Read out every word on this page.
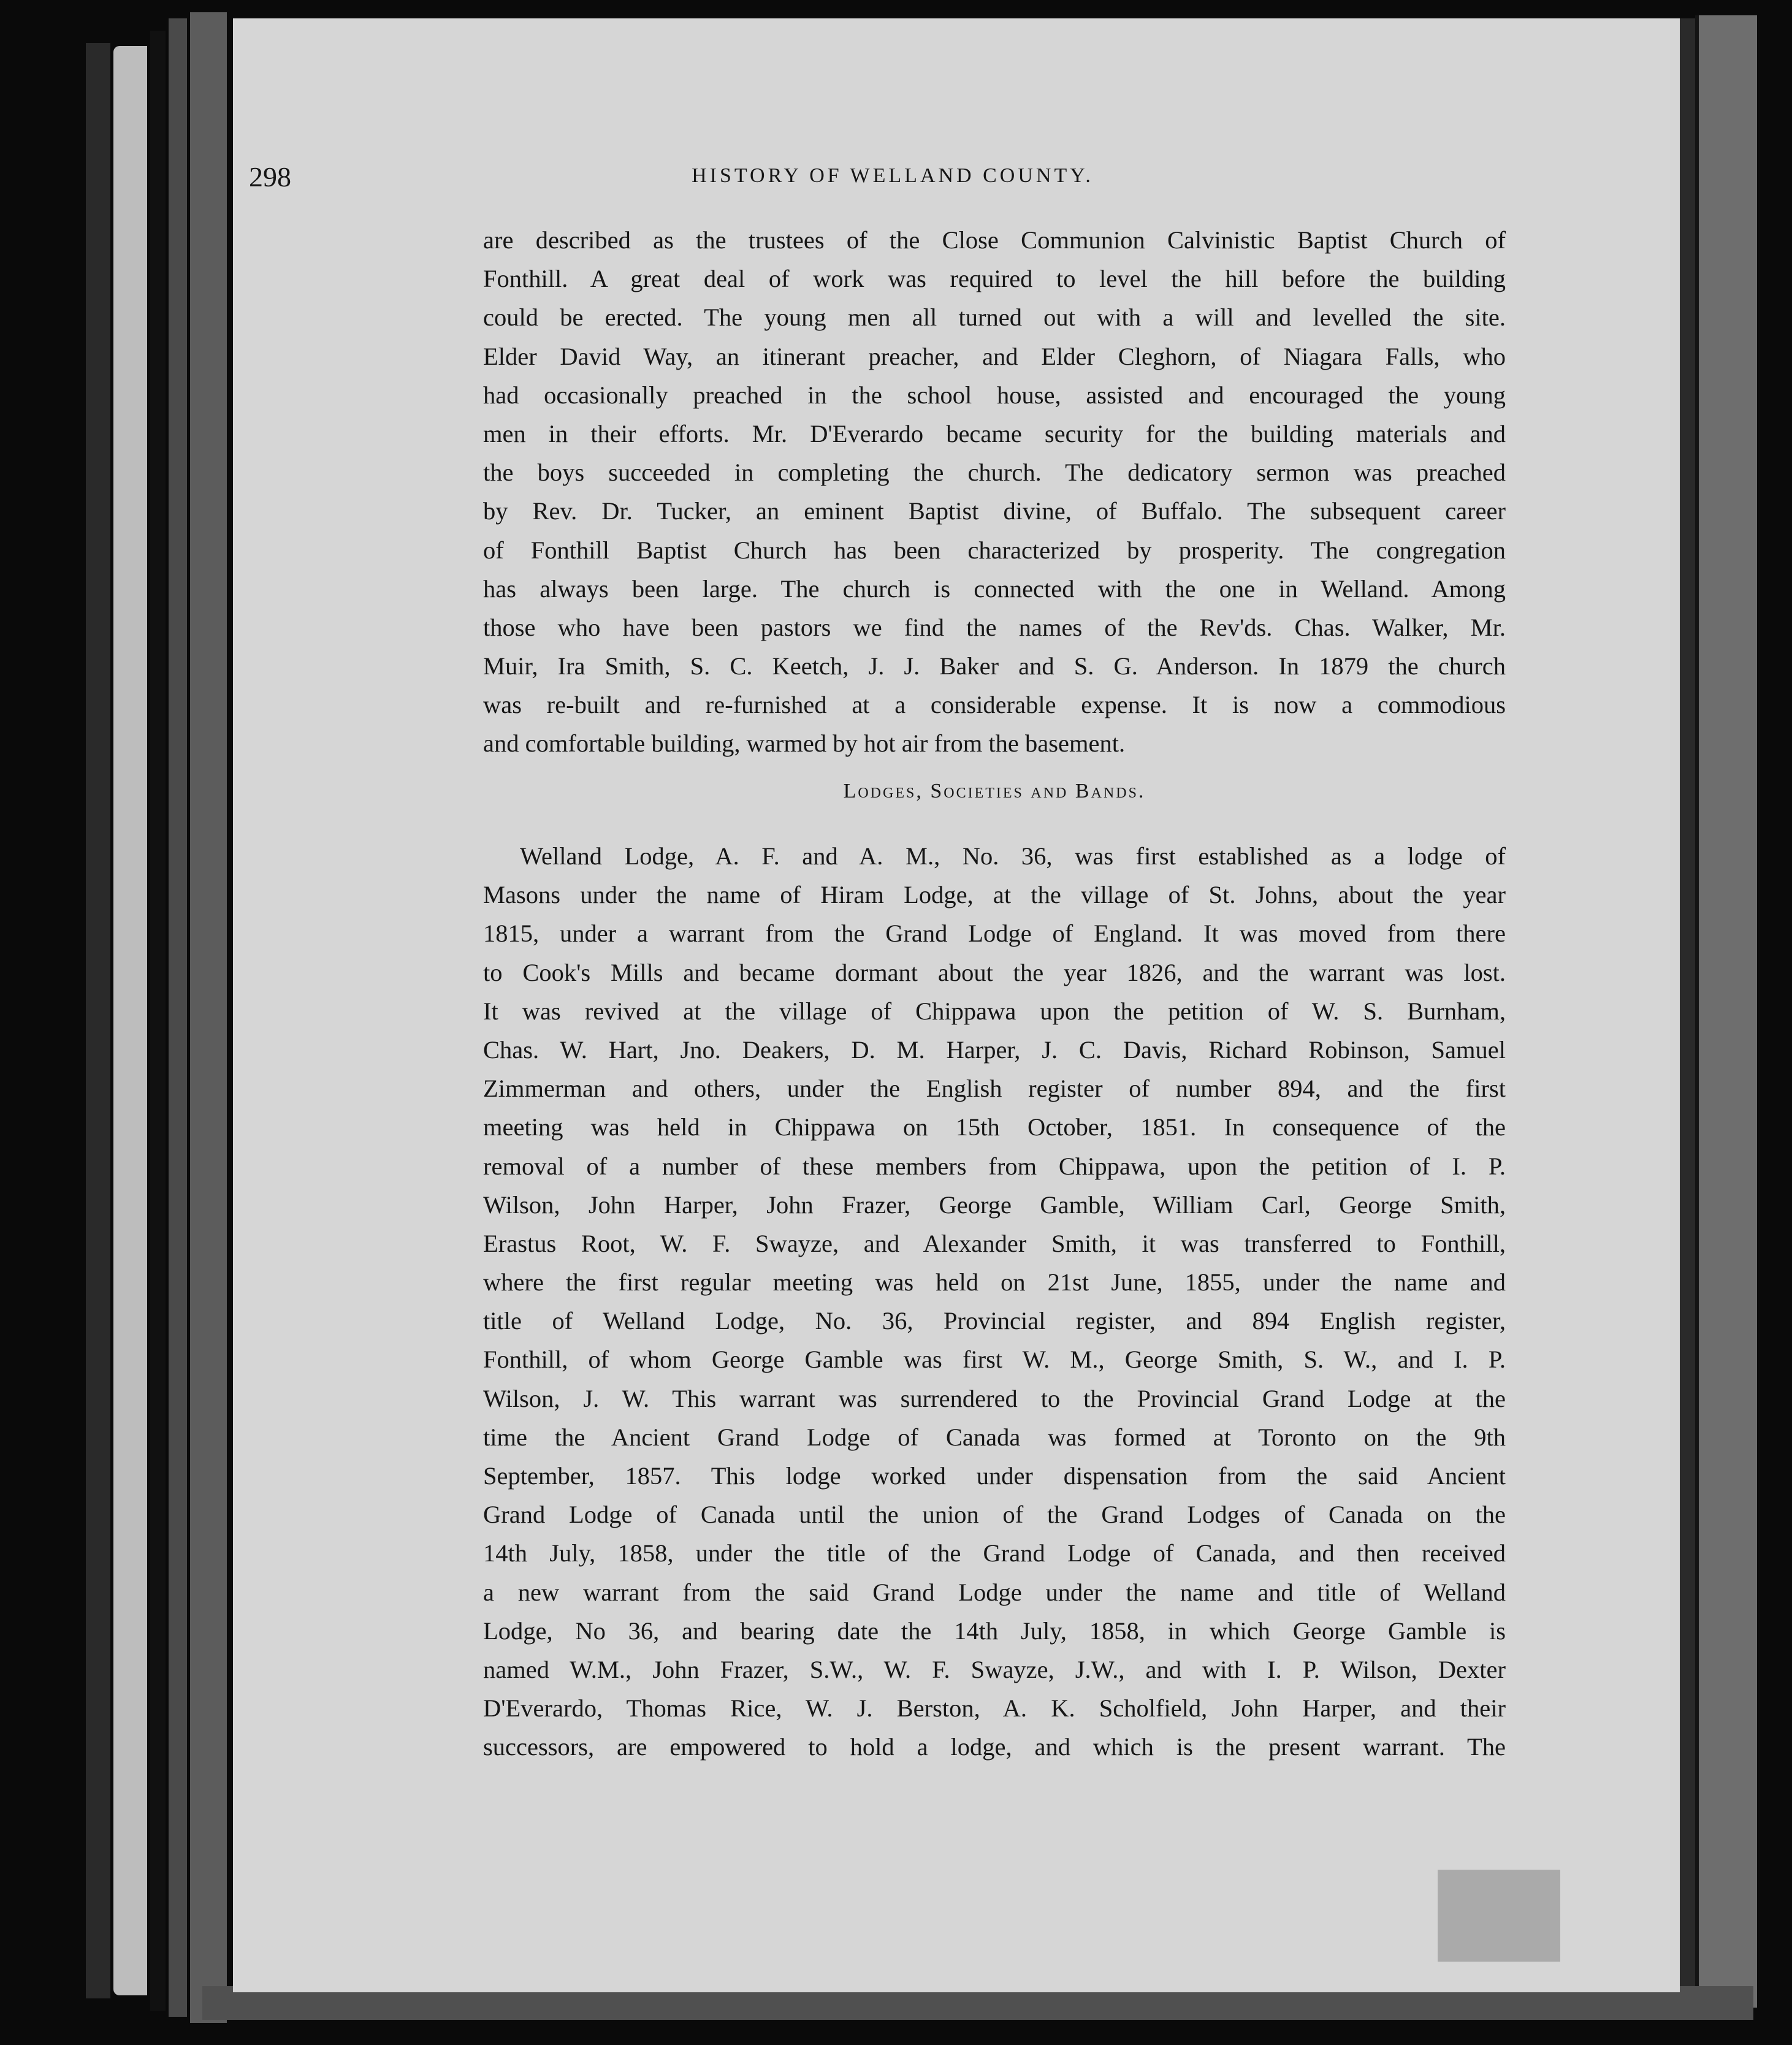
298	HISTORY OF WELLAND COUNTY.
are described as the trustees of the Close Communion Calvinistic Baptist Church of
Fonthill. A great deal of work was required to level the hill before the building
could be erected. The young men all turned out with a will and levelled the site.
Elder David Way, an itinerant preacher, and Elder Cleghorn, of Niagara Falls, who
had occasionally preached in the school house, assisted and encouraged the young
men in their efforts. Mr. D'Everardo became security for the building materials and
the boys succeeded in completing the church. The dedicatory sermon was preached
by Rev. Dr. Tucker, an eminent Baptist divine, of Buffalo. The subsequent career
of Fonthill Baptist Church has been characterized by prosperity. The congregation
has always been large. The church is connected with the one in Welland. Among
those who have been pastors we find the names of the Rev'ds. Chas. Walker, Mr.
Muir, Ira Smith, S. C. Keetch, J. J. Baker and S. G. Anderson. In 1879 the church
was re-built and re-furnished at a considerable expense. It is now a commodious
and comfortable building, warmed by hot air from the basement.
Lodges, Societies and Bands.
Welland Lodge, A. F. and A. M., No. 36, was first established as a lodge of
Masons under the name of Hiram Lodge, at the village of St. Johns, about the year
1815, under a warrant from the Grand Lodge of England. It was moved from there
to Cook's Mills and became dormant about the year 1826, and the warrant was lost.
It was revived at the village of Chippawa upon the petition of W. S. Burnham,
Chas. W. Hart, Jno. Deakers, D. M. Harper, J. C. Davis, Richard Robinson, Samuel
Zimmerman and others, under the English register of number 894, and the first
meeting was held in Chippawa on 15th October, 1851. In consequence of the
removal of a number of these members from Chippawa, upon the petition of I. P.
Wilson, John Harper, John Frazer, George Gamble, William Carl, George Smith,
Erastus Root, W. F. Swayze, and Alexander Smith, it was transferred to Fonthill,
where the first regular meeting was held on 21st June, 1855, under the name and
title of Welland Lodge, No. 36, Provincial register, and 894 English register,
Fonthill, of whom George Gamble was first W. M., George Smith, S. W., and I. P.
Wilson, J. W. This warrant was surrendered to the Provincial Grand Lodge at the
time the Ancient Grand Lodge of Canada was formed at Toronto on the 9th
September, 1857. This lodge worked under dispensation from the said Ancient
Grand Lodge of Canada until the union of the Grand Lodges of Canada on the
14th July, 1858, under the title of the Grand Lodge of Canada, and then received
a new warrant from the said Grand Lodge under the name and title of Welland
Lodge, No 36, and bearing date the 14th July, 1858, in which George Gamble is
named W.M., John Frazer, S.W., W. F. Swayze, J.W., and with I. P. Wilson, Dexter
D'Everardo, Thomas Rice, W. J. Berston, A. K. Scholfield, John Harper, and their
successors, are empowered to hold a lodge, and which is the present warrant. The
